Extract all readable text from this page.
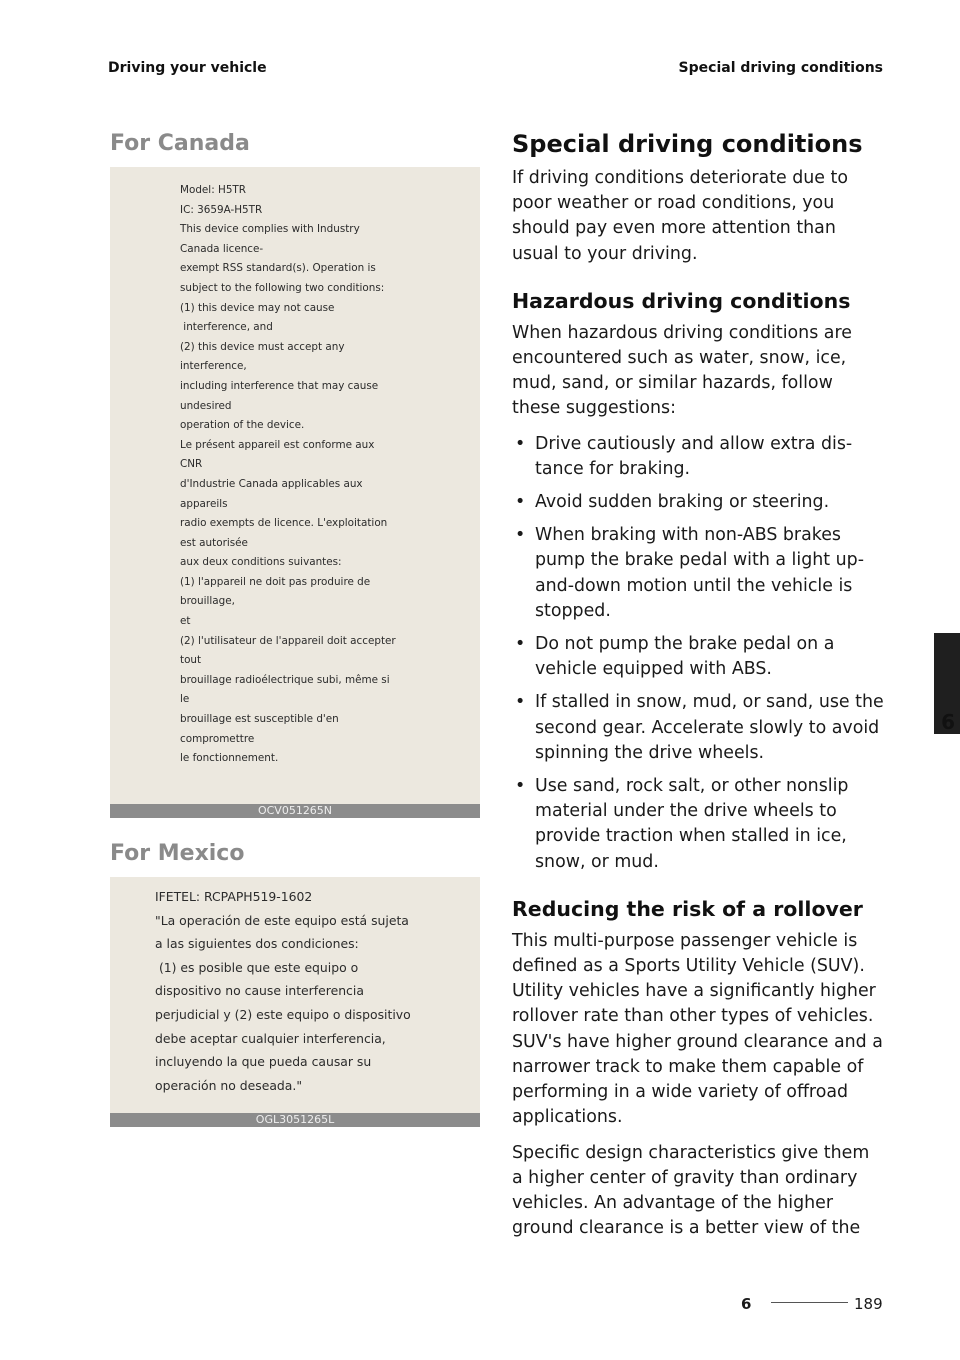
Driving your vehicle	Special driving conditions
For Canada
Model: H5TR
IC: 3659A-H5TR
This device complies with Industry
Canada licence-
exempt RSS standard(s). Operation is
subject to the following two conditions:
(1) this device may not cause
interference, and
(2) this device must accept any
interference,
including interference that may cause
undesired
operation of the device.
Le présent appareil est conforme aux
CNR
d'Industrie Canada applicables aux
appareils
radio exempts de licence. L'exploitation
est autorisée
aux deux conditions suivantes:
(1) l'appareil ne doit pas produire de
brouillage,
et
(2) l'utilisateur de l'appareil doit accepter
tout
brouillage radioélectrique subi, même si
le
brouillage est susceptible d'en
compromettre
le fonctionnement.
OCV051265N
For Mexico
IFETEL: RCPAPH519-1602
"La operación de este equipo está sujeta
a las siguientes dos condiciones:
(1) es posible que este equipo o
dispositivo no cause interferencia
perjudicial y (2) este equipo o dispositivo
debe aceptar cualquier interferencia,
incluyendo la que pueda causar su
operación no deseada."
OGL3051265L
Special driving conditions

If driving conditions deteriorate due to poor weather or road conditions, you should pay even more attention than usual to your driving.

Hazardous driving conditions

When hazardous driving conditions are encountered such as water, snow, ice, mud, sand, or similar hazards, follow these suggestions:

• Drive cautiously and allow extra dis-tance for braking.
• Avoid sudden braking or steering.
• When braking with non-ABS brakes pump the brake pedal with a light up-and-down motion until the vehicle is stopped.
• Do not pump the brake pedal on a vehicle equipped with ABS.
• If stalled in snow, mud, or sand, use the second gear. Accelerate slowly to avoid spinning the drive wheels.
• Use sand, rock salt, or other nonslip material under the drive wheels to provide traction when stalled in ice, snow, or mud.
Reducing the risk of a rollover

This multi-purpose passenger vehicle is defined as a Sports Utility Vehicle (SUV). Utility vehicles have a significantly higher rollover rate than other types of vehicles. SUV's have higher ground clearance and a narrower track to make them capable of performing in a wide variety of offroad applications.

Specific design characteristics give them a higher center of gravity than ordinary vehicles. An advantage of the higher ground clearance is a better view of the

6
6	189
